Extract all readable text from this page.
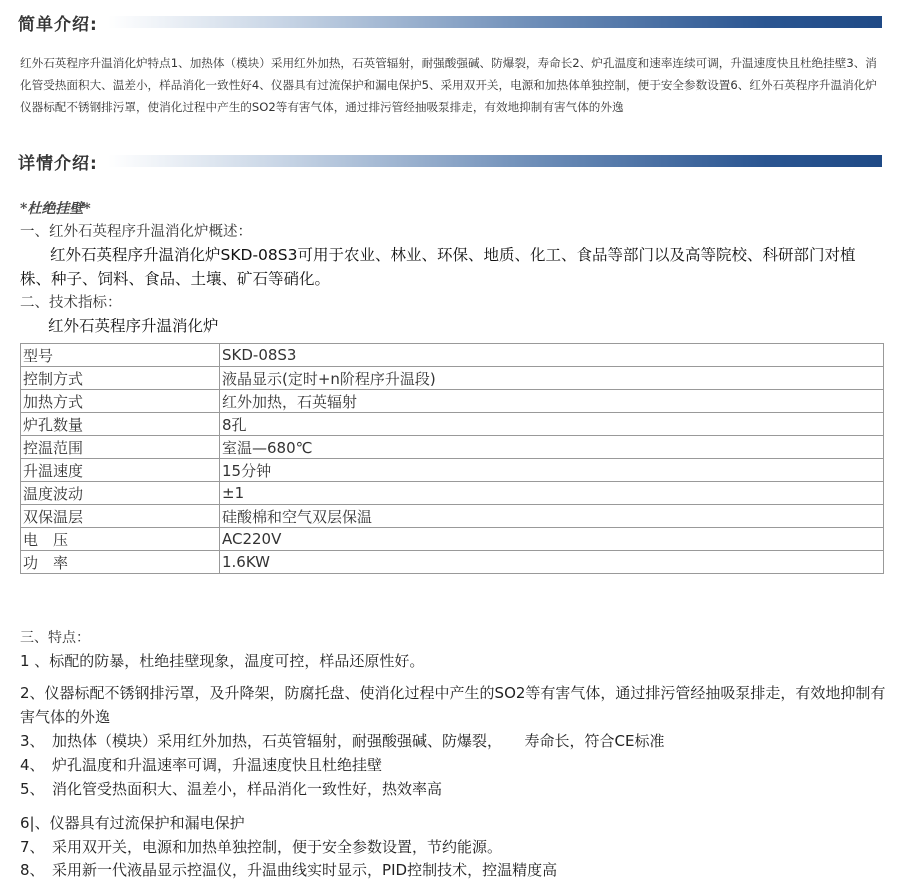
简单介绍:
红外石英程序升温消化炉特点1、加热体（模块）采用红外加热，石英管辐射，耐强酸强碱、防爆裂，寿命长2、炉孔温度和速率连续可调，升温速度快且杜绝挂壁3、消化管受热面积大、温差小，样品消化一致性好4、仪器具有过流保护和漏电保护5、采用双开关，电源和加热体单独控制，便于安全参数设置6、红外石英程序升温消化炉仪器标配不锈钢排污罩，使消化过程中产生的SO2等有害气体，通过排污管经抽吸泵排走，有效地抑制有害气体的外逸
详情介绍:
*杜绝挂壁*
一、红外石英程序升温消化炉概述：
红外石英程序升温消化炉SKD-08S3可用于农业、林业、环保、地质、化工、食品等部门以及高等院校、科研部门对植株、种子、饲料、食品、土壤、矿石等硝化。
二、技术指标：
红外石英程序升温消化炉
型号	SKD-08S3
控制方式	液晶显示(定时+n阶程序升温段)
加热方式	红外加热，石英辐射
炉孔数量	8孔
控温范围	室温—680℃
升温速度	15分钟
温度波动	±1
双保温层	硅酸棉和空气双层保温
电　压	AC220V
功　率	1.6KW
三、特点：
1 、标配的防暴，杜绝挂壁现象，温度可控，样品还原性好。
2、仪器标配不锈钢排污罩，及升降架，防腐托盘、使消化过程中产生的SO2等有害气体，通过排污管经抽吸泵排走，有效地抑制有害气体的外逸
3、　加热体（模块）采用红外加热，石英管辐射，耐强酸强碱、防爆裂，　　寿命长，符合CE标准
4、　炉孔温度和升温速率可调，升温速度快且杜绝挂壁
5、　消化管受热面积大、温差小，样品消化一致性好，热效率高
6|、仪器具有过流保护和漏电保护
7、　采用双开关，电源和加热单独控制，便于安全参数设置，节约能源。
8、　采用新一代液晶显示控温仪，升温曲线实时显示，PID控制技术，控温精度高
